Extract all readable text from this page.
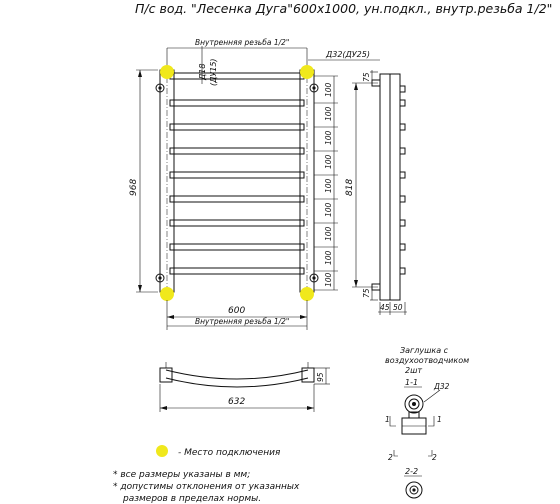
П/с вод. "Лесенка Дуга"600x1000, ун.подкл., внутр.резьба 1/2"
Внутренняя резьба 1/2"
Д18 (ДУ15)
Д32(ДУ25)
968
100
100
100
100
100
100
100
100
100
600
Внутренняя резьба 1/2"
818
75
75
45 50
632
95
Заглушка с
воздухоотводчиком
2шт
1-1 Д32
1	1
2	2
2-2
- Место подключения
* все размеры указаны в мм;
* допустимы отклонения от указанных
размеров в пределах нормы.
